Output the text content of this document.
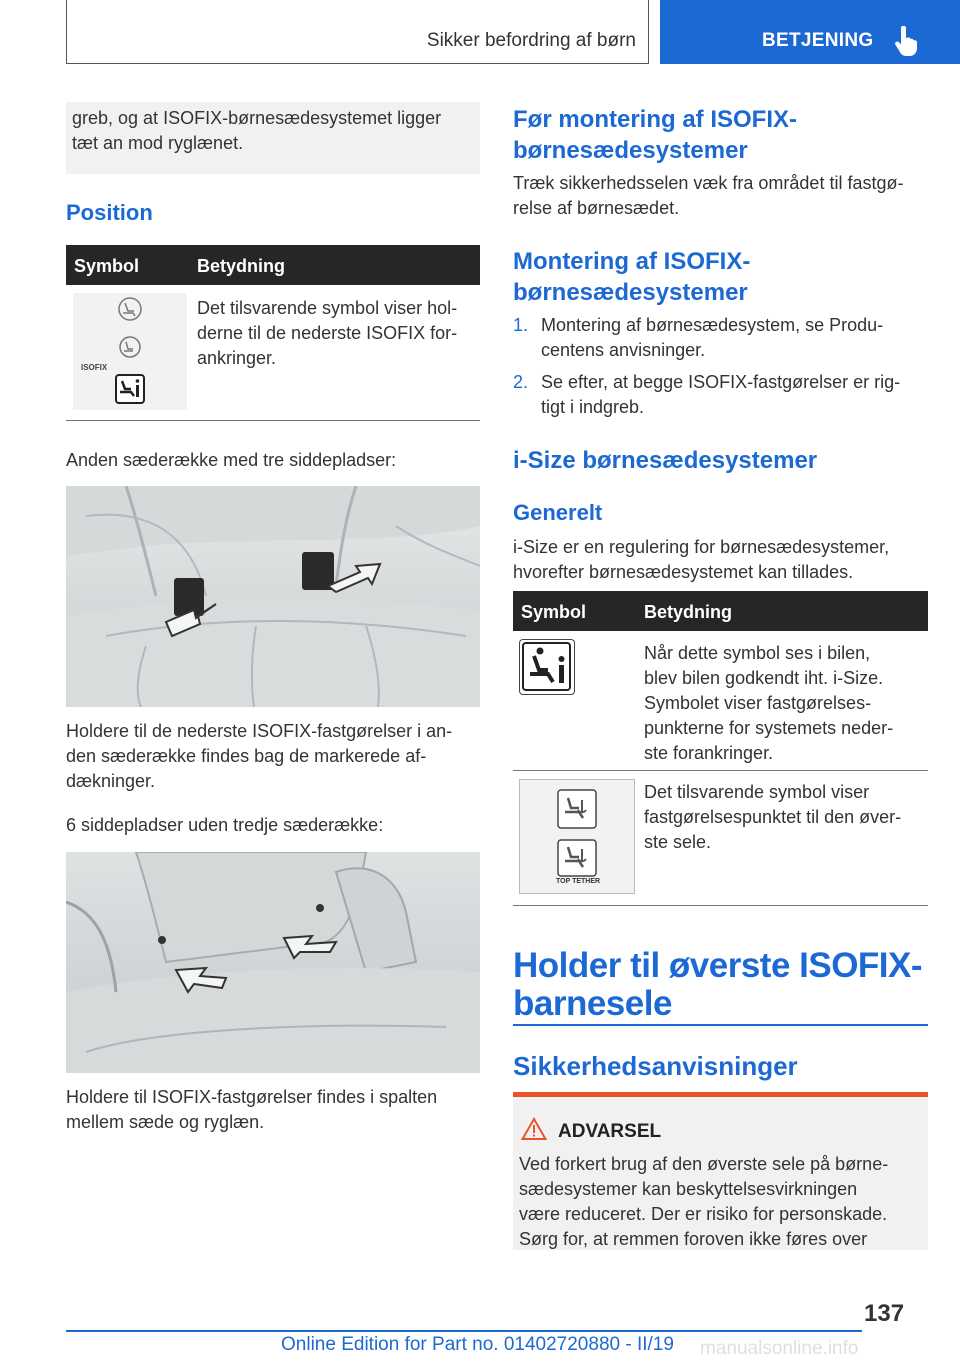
Sikker befordring af børn	BETJENING
greb, og at ISOFIX-børnesædesystemet ligger
tæt an mod ryglænet.
Position
Symbol	Betydning
ISOFIX
Det tilsvarende symbol viser hol-
derne til de nederste ISOFIX for-
ankringer.
Anden sæderække med tre siddepladser:
Holdere til de nederste ISOFIX-fastgørelser i an-
den sæderække findes bag de markerede af-
dækninger.
6 siddepladser uden tredje sæderække:
Holdere til ISOFIX-fastgørelser findes i spalten
mellem sæde og ryglæn.
Før montering af ISOFIX-
børnesædesystemer
Træk sikkerhedsselen væk fra området til fastgø-
relse af børnesædet.
Montering af ISOFIX-
børnesædesystemer
1. Montering af børnesædesystem, se Produ-
centens anvisninger.
2. Se efter, at begge ISOFIX-fastgørelser er rig-
tigt i indgreb.
i-Size børnesædesystemer
Generelt
i-Size er en regulering for børnesædesystemer,
hvorefter børnesædesystemet kan tillades.
Symbol	Betydning
Når dette symbol ses i bilen,
blev bilen godkendt iht. i-Size.
Symbolet viser fastgørelses-
punkterne for systemets neder-
ste forankringer.
TOP TETHER
Det tilsvarende symbol viser
fastgørelsespunktet til den øver-
ste sele.
Holder til øverste ISOFIX-
barnesele
Sikkerhedsanvisninger
ADVARSEL
Ved forkert brug af den øverste sele på børne-
sædesystemer kan beskyttelsesvirkningen
være reduceret. Der er risiko for personskade.
Sørg for, at remmen foroven ikke føres over
137
Online Edition for Part no. 01402720880 - II/19 manualsonline.info
